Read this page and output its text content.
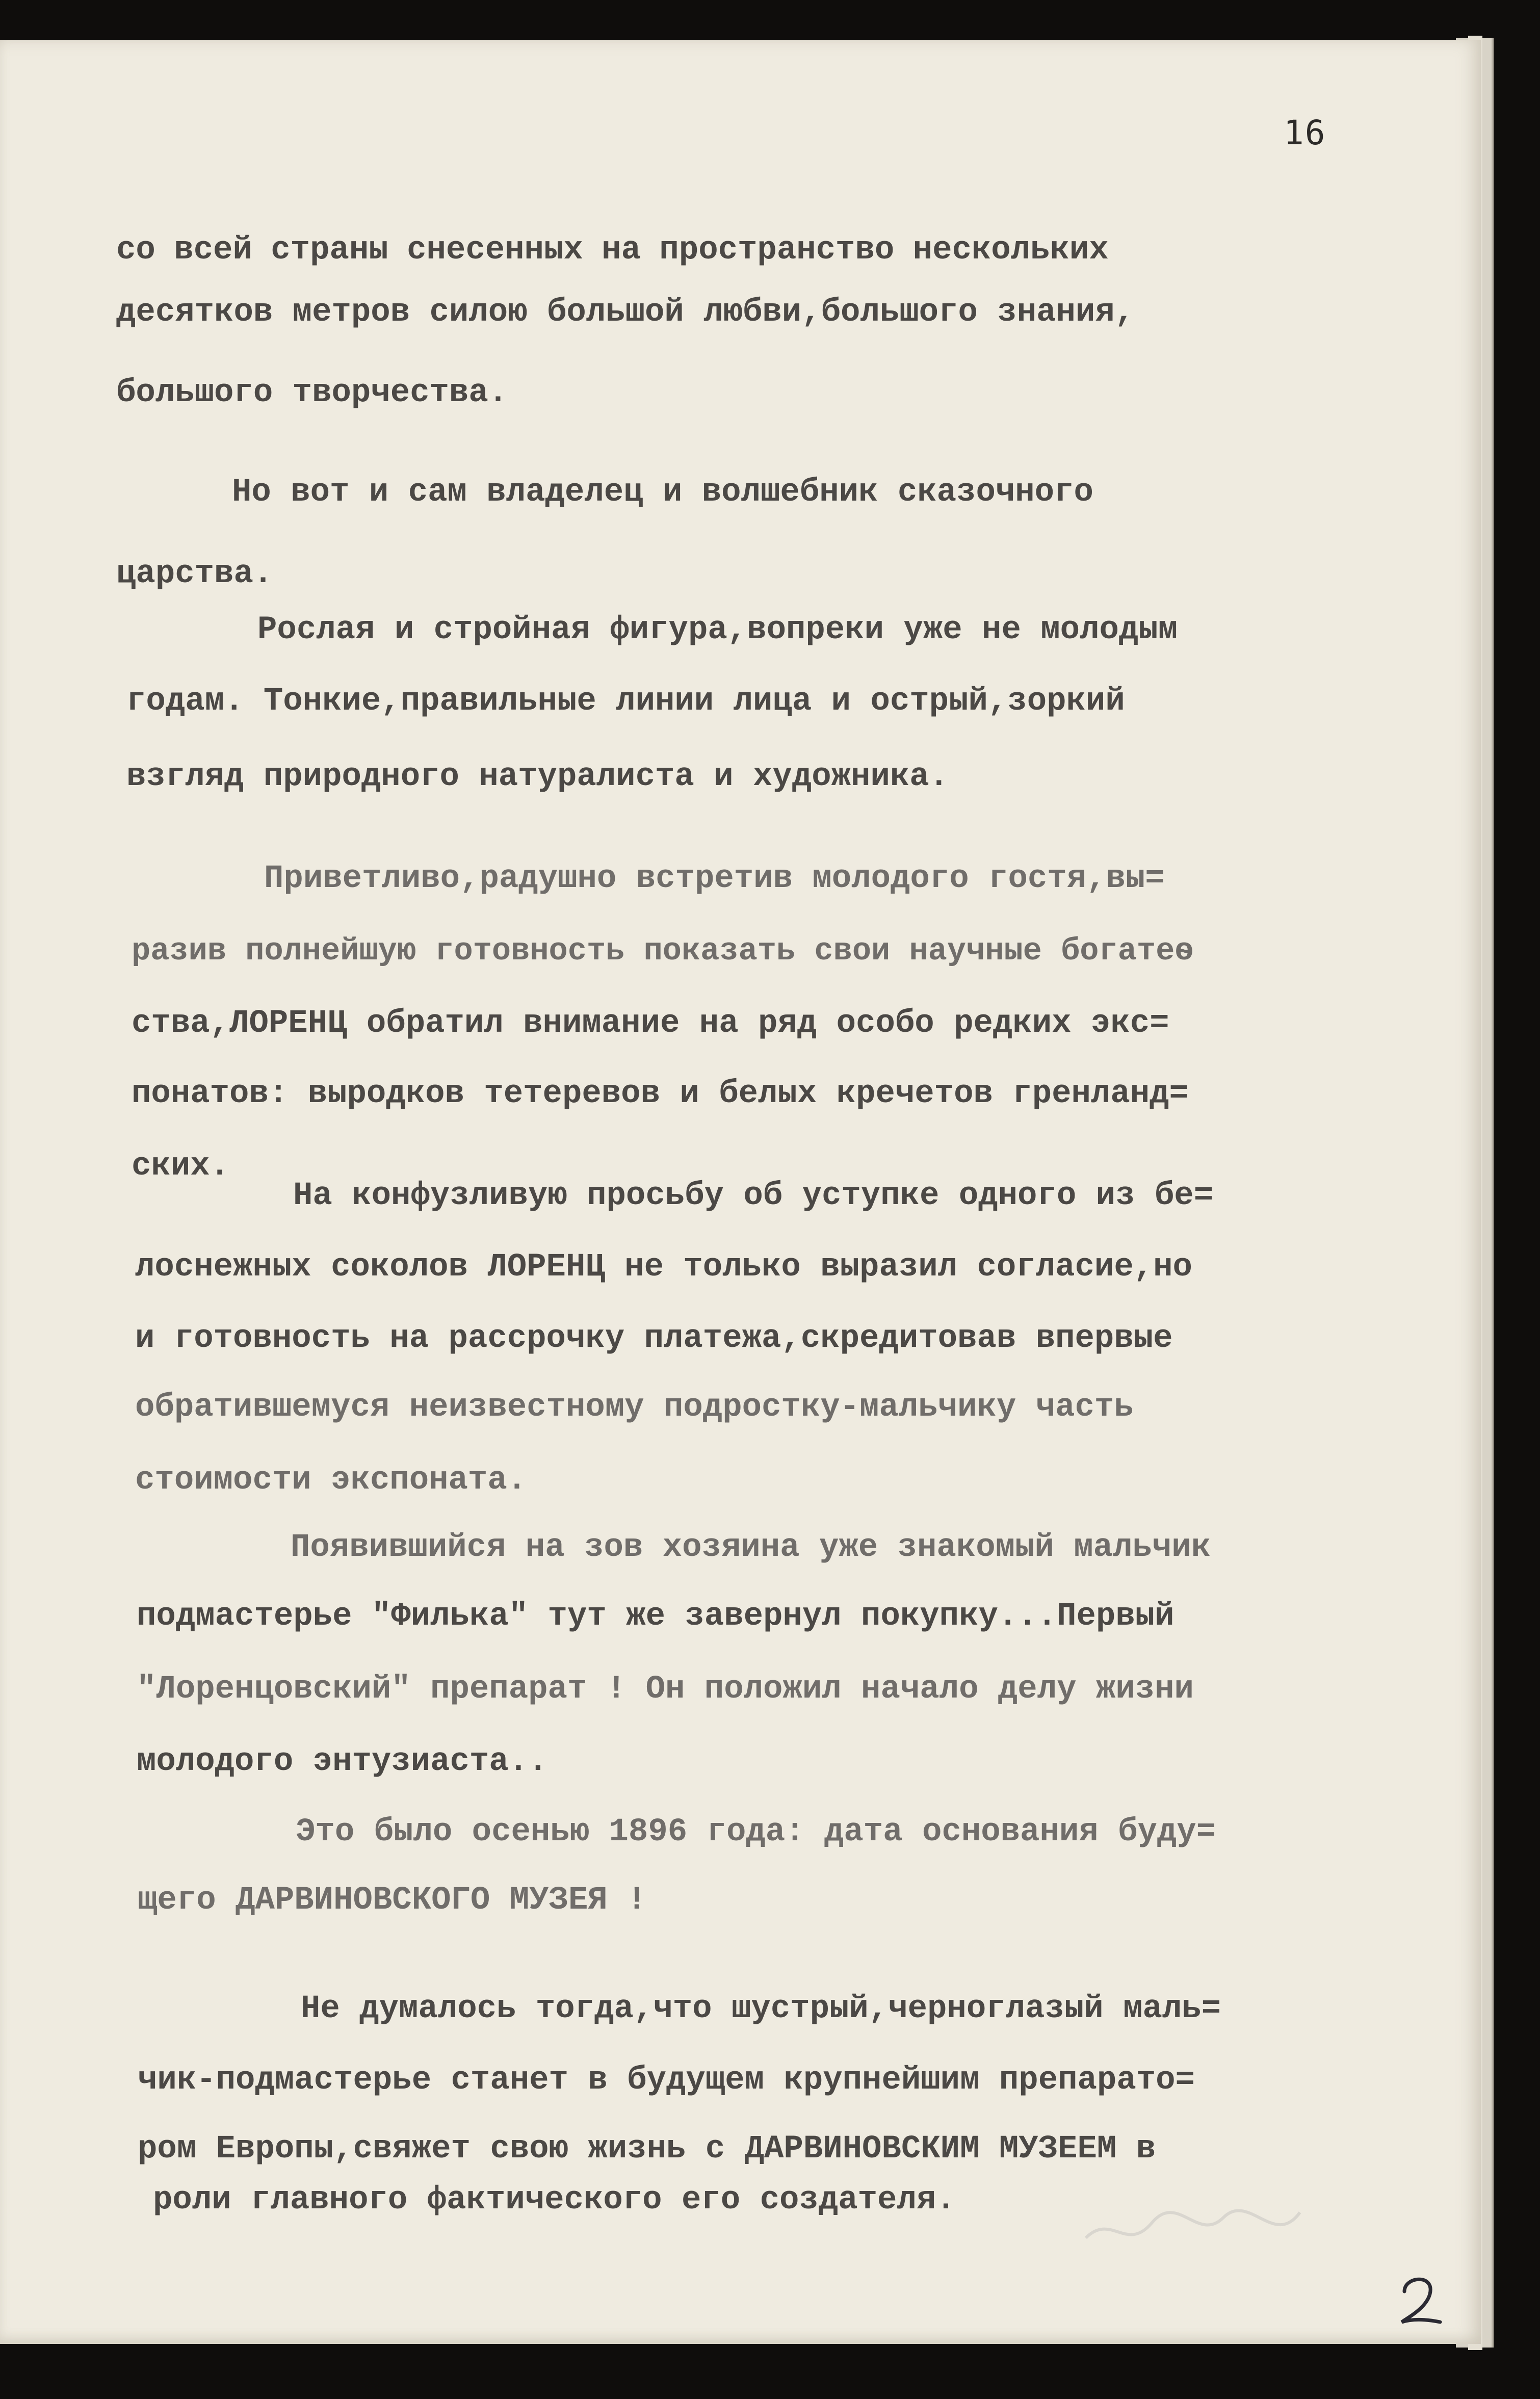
16
со всей страны снесенных на пространство нескольких
десятков метров силою большой любви,большого знания,
большого творчества.
Но вот и сам владелец и волшебник сказочного
царства.
Рослая и стройная фигура,вопреки уже не молодым
годам. Тонкие,правильные линии лица и острый,зоркий
взгляд природного натуралиста и художника.
Приветливо,радушно встретив молодого гостя,вы=
разив полнейшую готовность показать свои научные богатеѳ
ства,ЛОРЕНЦ обратил внимание на ряд особо редких экс=
понатов: выродков тетеревов и белых кречетов гренланд=
ских.
На конфузливую просьбу об уступке одного из бе=
лоснежных соколов ЛОРЕНЦ не только выразил согласие,но
и готовность на рассрочку платежа,скредитовав впервые
обратившемуся неизвестному подростку-мальчику часть
стоимости экспоната.
Появившийся на зов хозяина уже знакомый мальчик
подмастерье "Филька" тут же завернул покупку...Первый
"Лоренцовский" препарат ! Он положил начало делу жизни
молодого энтузиаста..
Это было осенью 1896 года: дата основания буду=
щего ДАРВИНОВСКОГО МУЗЕЯ !
Не думалось тогда,что шустрый,черноглазый маль=
чик-подмастерье станет в будущем крупнейшим препарато=
ром Европы,свяжет свою жизнь с ДАРВИНОВСКИМ МУЗЕЕМ в
роли главного фактического его создателя.
